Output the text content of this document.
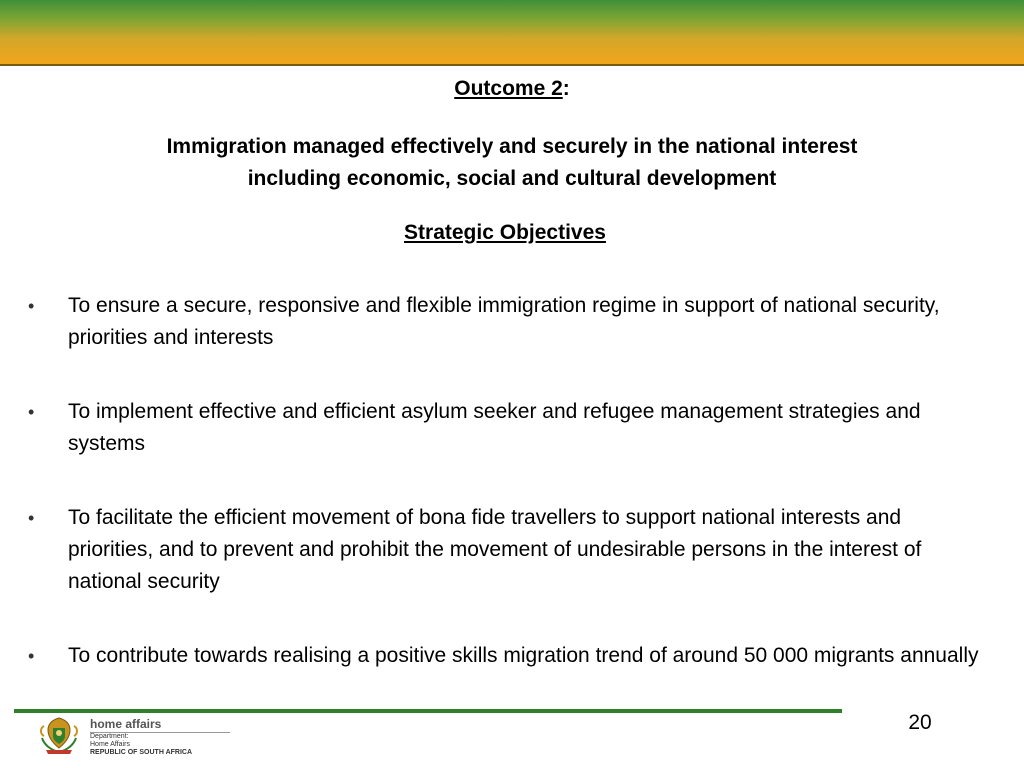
Outcome 2:
Immigration managed effectively and securely in the national interest
including economic, social and cultural development
Strategic Objectives
•	To ensure a secure, responsive and flexible immigration regime in support of national security, priorities and interests
•	To implement effective and efficient asylum seeker and refugee management strategies and systems
•	To facilitate the efficient movement of bona fide travellers to support national interests and priorities, and to prevent and prohibit the movement of undesirable persons in the interest of national security
•	To contribute towards realising a positive skills migration trend of around 50 000 migrants annually
20
home affairs
Department:
Home Affairs
REPUBLIC OF SOUTH AFRICA
